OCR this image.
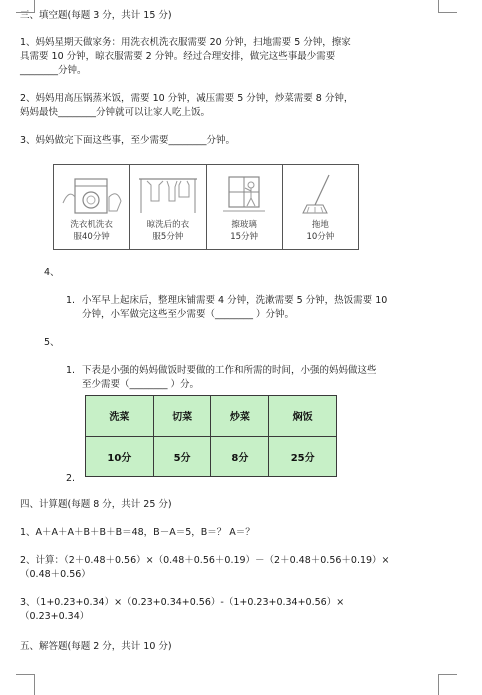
三、填空题(每题 3 分，共计 15 分)
1、妈妈星期天做家务：用洗衣机洗衣服需要 20 分钟，扫地需要 5 分钟，擦家
具需要 10 分钟，晾衣服需要 2 分钟。经过合理安排，做完这些事最少需要
________分钟。
2、妈妈用高压锅蒸米饭，需要 10 分钟，减压需要 5 分钟，炒菜需要 8 分钟，
妈妈最快________分钟就可以让家人吃上饭。
3、妈妈做完下面这些事，至少需要________分钟。
洗衣机洗衣
服40分钟
晾洗后的衣
服5分钟
擦玻璃
15分钟
拖地
10分钟
4、
1. 小军早上起床后，整理床铺需要 4 分钟，洗漱需要 5 分钟，热饭需要 10
分钟，小军做完这些至少需要（________ ）分钟。
5、
1. 下表是小强的妈妈做饭时要做的工作和所需的时间，小强的妈妈做这些
至少需要（________ ）分。
洗菜	切菜	炒菜	焖饭
10分	5分	8分	25分
2.
四、计算题(每题 8 分，共计 25 分)
1、A＋A＋A＋B＋B＋B＝48，B－A＝5，B＝？ A＝？
2、计算：（2＋0.48＋0.56）×（0.48＋0.56＋0.19）－（2＋0.48＋0.56＋0.19）×
（0.48＋0.56）
3、（1+0.23+0.34）×（0.23+0.34+0.56）-（1+0.23+0.34+0.56）×
（0.23+0.34）
五、解答题(每题 2 分，共计 10 分)
